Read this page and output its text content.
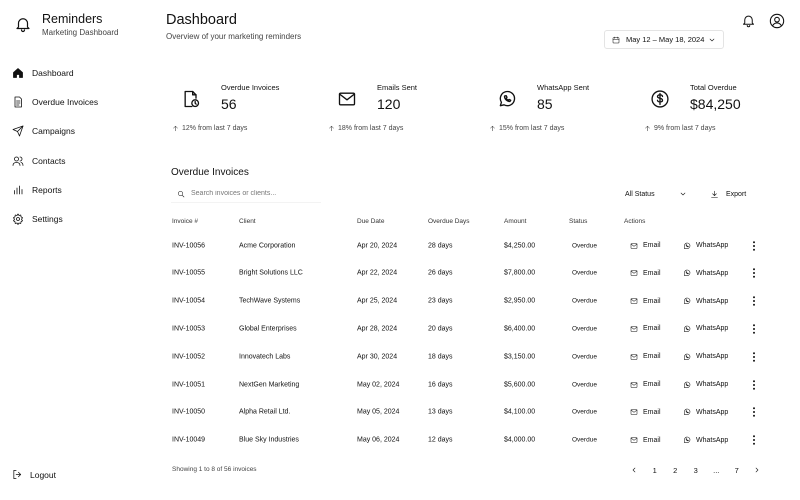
Reminders
Marketing Dashboard
Dashboard
Overdue Invoices
Campaigns
Contacts
Reports
Settings
Logout
Dashboard
Overview of your marketing reminders	May 12 – May 18, 2024
Overdue Invoices
56
12% from last 7 days
Emails Sent
120
18% from last 7 days
WhatsApp Sent
85
15% from last 7 days
Total Overdue
$84,250
9% from last 7 days
Overdue Invoices
Search invoices or clients...
All Status	Export
Invoice #	Client	Due Date	Overdue Days	Amount	Status	Actions
INV-10056	Acme Corporation	Apr 20, 2024	28 days	$4,250.00	Overdue	Email	WhatsApp
INV-10055	Bright Solutions LLC	Apr 22, 2024	26 days	$7,800.00	Overdue	Email	WhatsApp
INV-10054	TechWave Systems	Apr 25, 2024	23 days	$2,950.00	Overdue	Email	WhatsApp
INV-10053	Global Enterprises	Apr 28, 2024	20 days	$6,400.00	Overdue	Email	WhatsApp
INV-10052	Innovatech Labs	Apr 30, 2024	18 days	$3,150.00	Overdue	Email	WhatsApp
INV-10051	NextGen Marketing	May 02, 2024	16 days	$5,600.00	Overdue	Email	WhatsApp
INV-10050	Alpha Retail Ltd.	May 05, 2024	13 days	$4,100.00	Overdue	Email	WhatsApp
INV-10049	Blue Sky Industries	May 06, 2024	12 days	$4,000.00	Overdue	Email	WhatsApp
Showing 1 to 8 of 56 invoices	1	2	3	...	7
